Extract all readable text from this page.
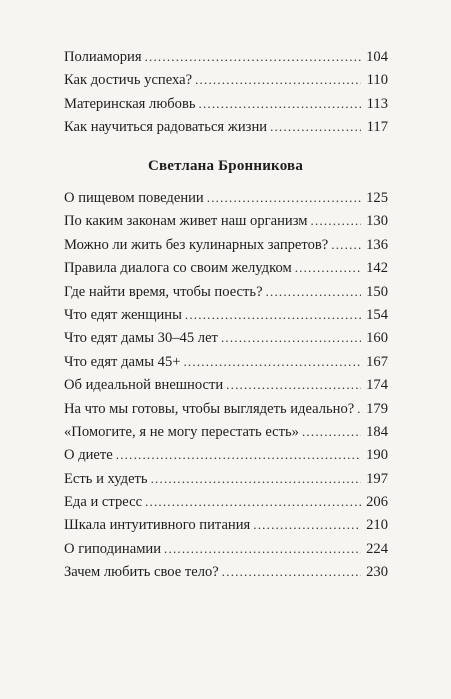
Полиамория .....	104
Как достичь успеха? .....	110
Материнская любовь .....	113
Как научиться радоваться жизни .....	117
Светлана Бронникова
О пищевом поведении .....	125
По каким законам живет наш организм .....	130
Можно ли жить без кулинарных запретов? .....	136
Правила диалога со своим желудком .....	142
Где найти время, чтобы поесть? .....	150
Что едят женщины .....	154
Что едят дамы 30–45 лет .....	160
Что едят дамы 45+ .....	167
Об идеальной внешности .....	174
На что мы готовы, чтобы выглядеть идеально? ..... 179
«Помогите, я не могу перестать есть» .....	184
О диете .....	190
Есть и худеть .....	197
Еда и стресс .....	206
Шкала интуитивного питания .....	210
О гиподинамии .....	224
Зачем любить свое тело? .....	230
